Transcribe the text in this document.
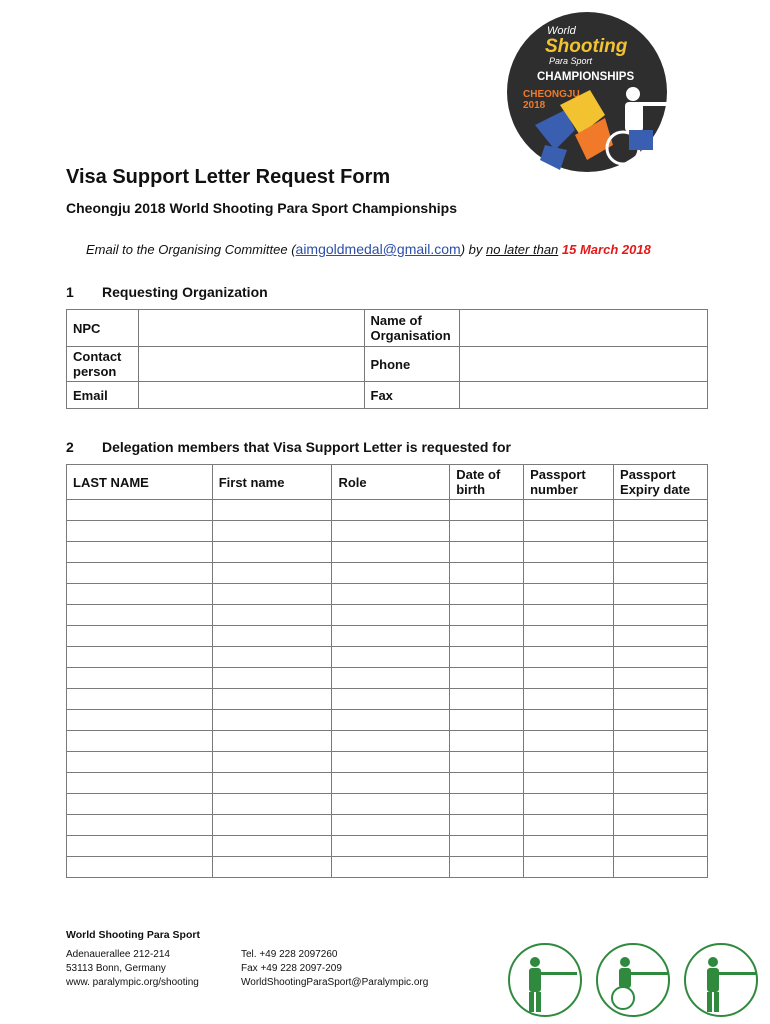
World
Shooting
Para Sport
CHAMPIONSHIPS
CHEONGJU
2018
Visa Support Letter Request Form
Cheongju 2018 World Shooting Para Sport Championships
Email to the Organising Committee (aimgoldmedal@gmail.com) by no later than 15 March 2018
1 Requesting Organization
NPC		Name of Organisation	
Contact person		Phone	
Email		Fax	
2 Delegation members that Visa Support Letter is requested for
LAST NAME	First name	Role	Date of birth	Passport number	Passport Expiry date

World Shooting Para Sport
Adenauerallee 212-214
53113 Bonn, Germany
www. paralympic.org/shooting
Tel. +49 228 2097260
Fax +49 228 2097-209
WorldShootingParaSport@Paralympic.org
